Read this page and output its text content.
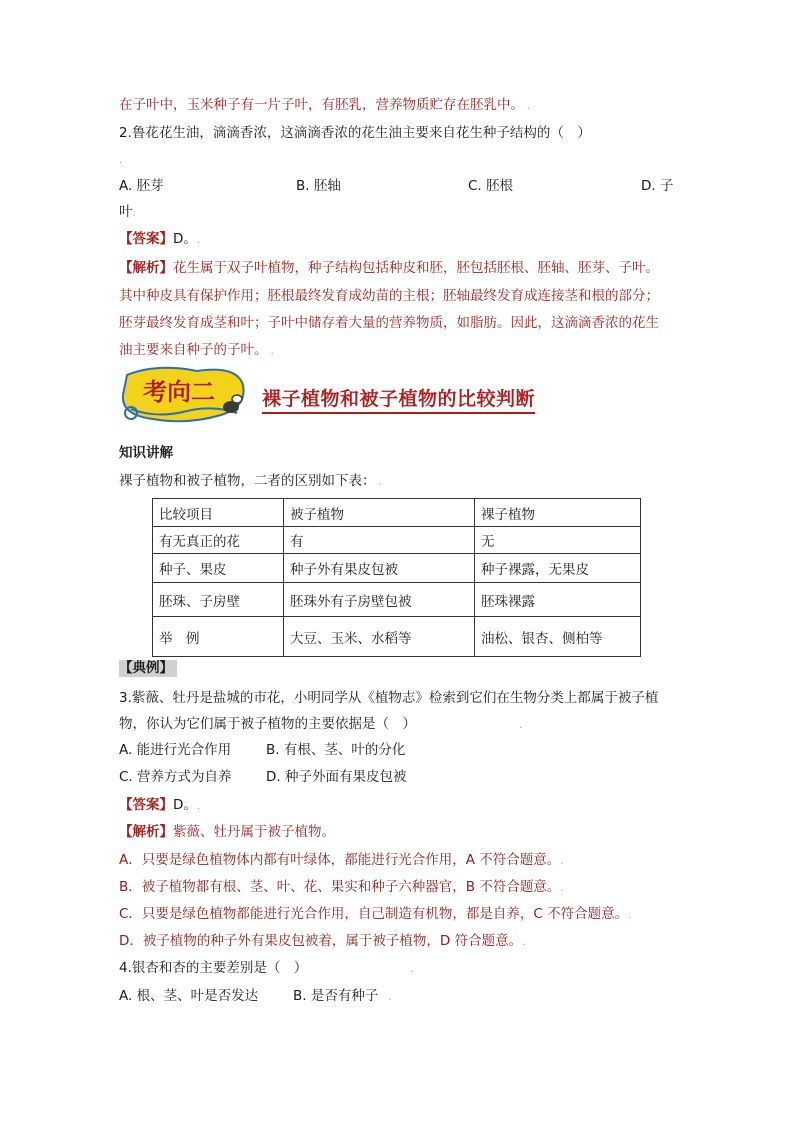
在子叶中，玉米种子有一片子叶，有胚乳，营养物质贮存在胚乳中。 .
2.鲁花花生油，滴滴香浓，这滴滴香浓的花生油主要来自花生种子结构的（　）
.
A. 胚芽	B. 胚轴	C. 胚根	D. 子
叶.
【答案】D。.
【解析】花生属于双子叶植物，种子结构包括种皮和胚，胚包括胚根、胚轴、胚芽、子叶。
其中种皮具有保护作用；胚根最终发育成幼苗的主根；胚轴最终发育成连接茎和根的部分；
胚芽最终发育成茎和叶；子叶中储存着大量的营养物质，如脂肪。因此，这滴滴香浓的花生
油主要来自种子的子叶。 .
考向二 裸子植物和被子植物的比较判断
知识讲解
裸子植物和被子植物，二者的区别如下表： .
比较项目	被子植物	裸子植物
有无真正的花	有	无
种子、果皮	种子外有果皮包被	种子裸露，无果皮
胚珠、子房壁	胚珠外有子房壁包被	胚珠裸露
举　例	大豆、玉米、水稻等	油松、银杏、侧柏等
【典例】
3.紫薇、牡丹是盐城的市花，小明同学从《植物志》检索到它们在生物分类上都属于被子植
物，你认为它们属于被子植物的主要依据是（　）　　　　　　　　　　　.
A. 能进行光合作用	B. 有根、茎、叶的分化
C. 营养方式为自养	D. 种子外面有果皮包被
【答案】D。.
【解析】紫薇、牡丹属于被子植物。
A．只要是绿色植物体内都有叶绿体，都能进行光合作用，A 不符合题意。.
B．被子植物都有根、茎、叶、花、果实和种子六种器官，B 不符合题意。.
C．只要是绿色植物都能进行光合作用，自己制造有机物，都是自养，C 不符合题意。.
D．被子植物的种子外有果皮包被着，属于被子植物，D 符合题意。.
4.银杏和杏的主要差别是（　）　　　　　　　　　　　.
A. 根、茎、叶是否发达	B. 是否有种子　.
